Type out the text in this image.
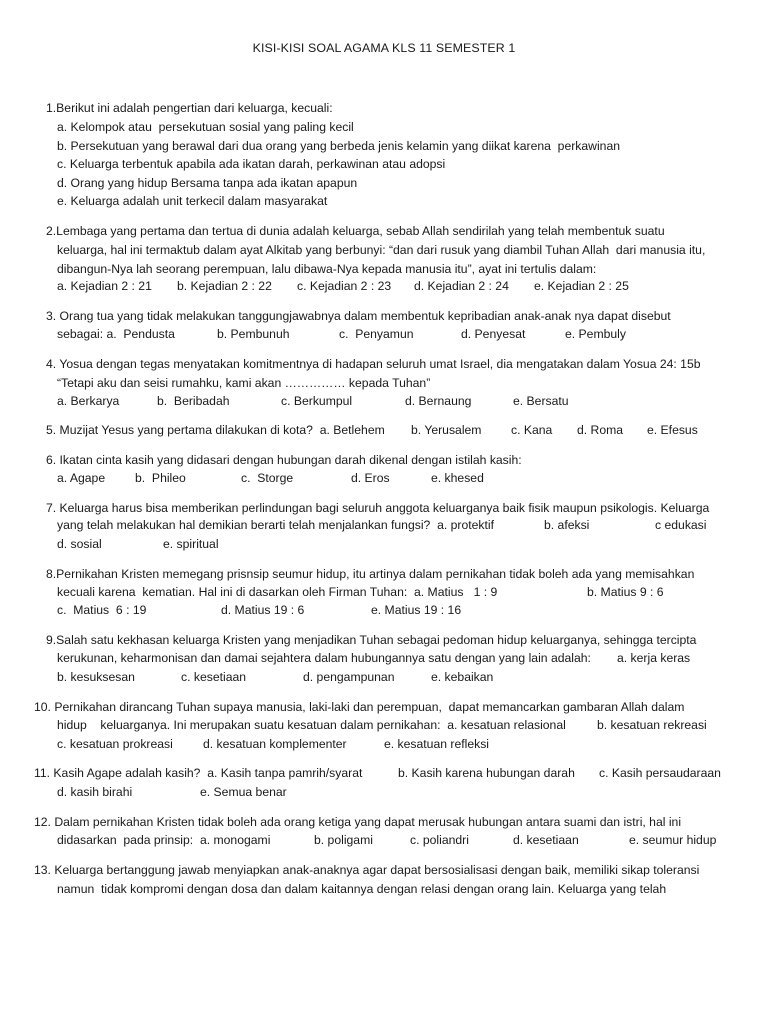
KISI-KISI SOAL AGAMA KLS 11 SEMESTER 1
1.Berikut ini adalah pengertian dari keluarga, kecuali:
a. Kelompok atau  persekutuan sosial yang paling kecil
b. Persekutuan yang berawal dari dua orang yang berbeda jenis kelamin yang diikat karena  perkawinan
c. Keluarga terbentuk apabila ada ikatan darah, perkawinan atau adopsi
d. Orang yang hidup Bersama tanpa ada ikatan apapun
e. Keluarga adalah unit terkecil dalam masyarakat
2.Lembaga yang pertama dan tertua di dunia adalah keluarga, sebab Allah sendirilah yang telah membentuk suatu
keluarga, hal ini termaktub dalam ayat Alkitab yang berbunyi: “dan dari rusuk yang diambil Tuhan Allah  dari manusia itu,
dibangun-Nya lah seorang perempuan, lalu dibawa-Nya kepada manusia itu”, ayat ini tertulis dalam:
a. Kejadian 2 : 21 b. Kejadian 2 : 22 c. Kejadian 2 : 23 d. Kejadian 2 : 24 e. Kejadian 2 : 25
3. Orang tua yang tidak melakukan tanggungjawabnya dalam membentuk kepribadian anak-anak nya dapat disebut
sebagai: a.  Pendusta	b. Pembunuh	c.  Penyamun	d. Penyesat	e. Pembuly
4. Yosua dengan tegas menyatakan komitmentnya di hadapan seluruh umat Israel, dia mengatakan dalam Yosua 24: 15b
“Tetapi aku dan seisi rumahku, kami akan …………… kepada Tuhan”
a. Berkarya	b.  Beribadah	c. Berkumpul	d. Bernaung	e. Bersatu
5. Muzijat Yesus yang pertama dilakukan di kota?  a. Betlehem b. Yerusalem c. Kana d. Roma e. Efesus
6. Ikatan cinta kasih yang didasari dengan hubungan darah dikenal dengan istilah kasih:
a. Agape b.  Phileo	c.  Storge	d. Eros	e. khesed
7. Keluarga harus bisa memberikan perlindungan bagi seluruh anggota keluarganya baik fisik maupun psikologis. Keluarga
yang telah melakukan hal demikian berarti telah menjalankan fungsi?  a. protektif	b. afeksi	c edukasi
d. sosial	e. spiritual
8.Pernikahan Kristen memegang prisnsip seumur hidup, itu artinya dalam pernikahan tidak boleh ada yang memisahkan
kecuali karena  kematian. Hal ini di dasarkan oleh Firman Tuhan:  a. Matius   1 : 9	b. Matius 9 : 6
c.  Matius  6 : 19	d. Matius 19 : 6	e. Matius 19 : 16
9.Salah satu kekhasan keluarga Kristen yang menjadikan Tuhan sebagai pedoman hidup keluarganya, sehingga tercipta
kerukunan, keharmonisan dan damai sejahtera dalam hubungannya satu dengan yang lain adalah: a. kerja keras
b. kesuksesan	c. kesetiaan	d. pengampunan	e. kebaikan
10. Pernikahan dirancang Tuhan supaya manusia, laki-laki dan perempuan,  dapat memancarkan gambaran Allah dalam
hidup    keluarganya. Ini merupakan suatu kesatuan dalam pernikahan:  a. kesatuan relasional	b. kesatuan rekreasi
c. kesatuan prokreasi d. kesatuan komplementer	e. kesatuan refleksi
11. Kasih Agape adalah kasih?  a. Kasih tanpa pamrih/syarat	b. Kasih karena hubungan darah c. Kasih persaudaraan
d. kasih birahi	e. Semua benar
12. Dalam pernikahan Kristen tidak boleh ada orang ketiga yang dapat merusak hubungan antara suami dan istri, hal ini
didasarkan  pada prinsip:  a. monogami	b. poligami	c. poliandri	d. kesetiaan	e. seumur hidup
13. Keluarga bertanggung jawab menyiapkan anak-anaknya agar dapat bersosialisasi dengan baik, memiliki sikap toleransi
namun  tidak kompromi dengan dosa dan dalam kaitannya dengan relasi dengan orang lain. Keluarga yang telah
